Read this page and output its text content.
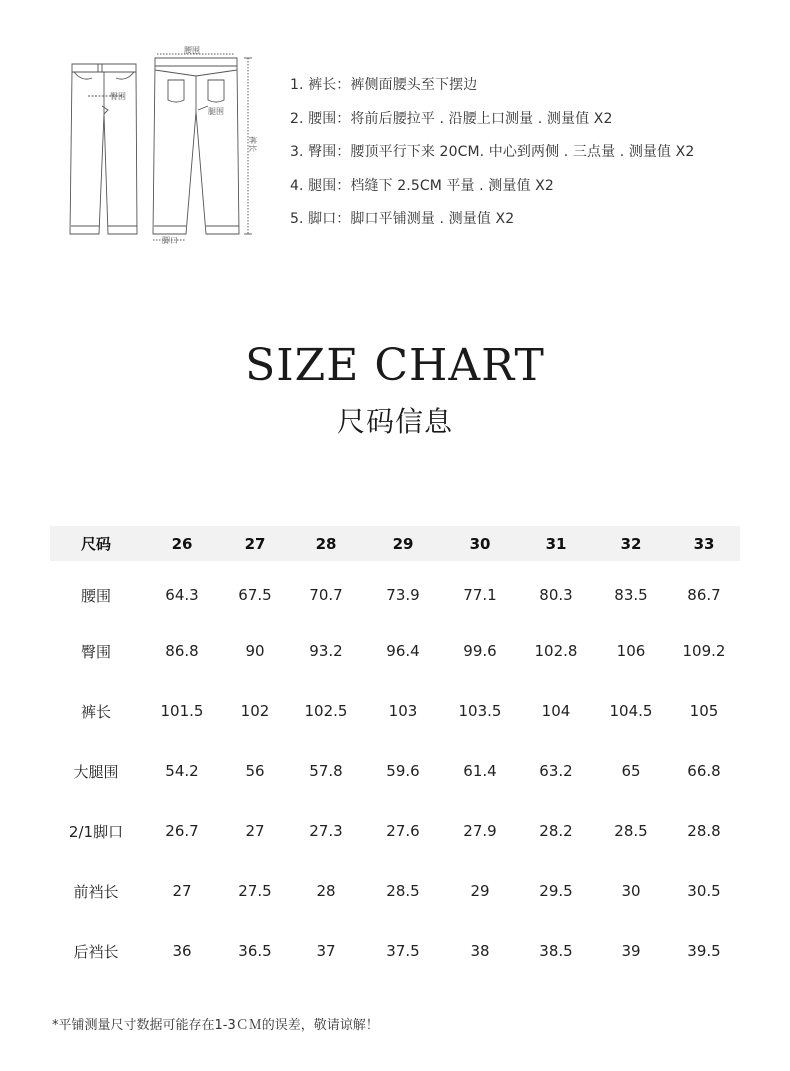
腰围
臀围
腿围
裤长
脚口
1. 裤长：裤侧面腰头至下摆边
2. 腰围：将前后腰拉平 . 沿腰上口测量 . 测量值 X2
3. 臀围：腰顶平行下来 20CM. 中心到两侧 . 三点量 . 测量值 X2
4. 腿围：档缝下 2.5CM 平量 . 测量值 X2
5. 脚口：脚口平铺测量 . 测量值 X2
SIZE CHART
尺码信息
尺码	26	27	28	29	30	31	32	33
腰围	64.3	67.5	70.7	73.9	77.1	80.3	83.5	86.7
臀围	86.8	90	93.2	96.4	99.6	102.8	106	109.2
裤长	101.5	102	102.5	103	103.5	104	104.5	105
大腿围	54.2	56	57.8	59.6	61.4	63.2	65	66.8
2/1脚口	26.7	27	27.3	27.6	27.9	28.2	28.5	28.8
前裆长	27	27.5	28	28.5	29	29.5	30	30.5
后裆长	36	36.5	37	37.5	38	38.5	39	39.5
*平铺测量尺寸数据可能存在1-3ＣＭ的误差，敬请谅解！
